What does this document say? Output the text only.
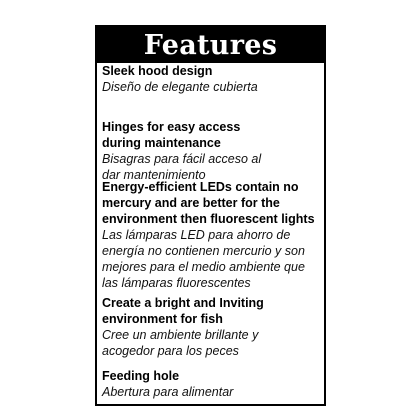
Features
Sleek hood design
Diseño de elegante cubierta
Hinges for easy access
during maintenance
Bisagras para fácil acceso al
dar mantenimiento
Energy-efficient LEDs contain no
mercury and are better for the
environment then fluorescent lights
Las lámparas LED para ahorro de
energía no contienen mercurio y son
mejores para el medio ambiente que
las lámparas fluorescentes
Create a bright and Inviting
environment for fish
Cree un ambiente brillante y
acogedor para los peces
Feeding hole
Abertura para alimentar
